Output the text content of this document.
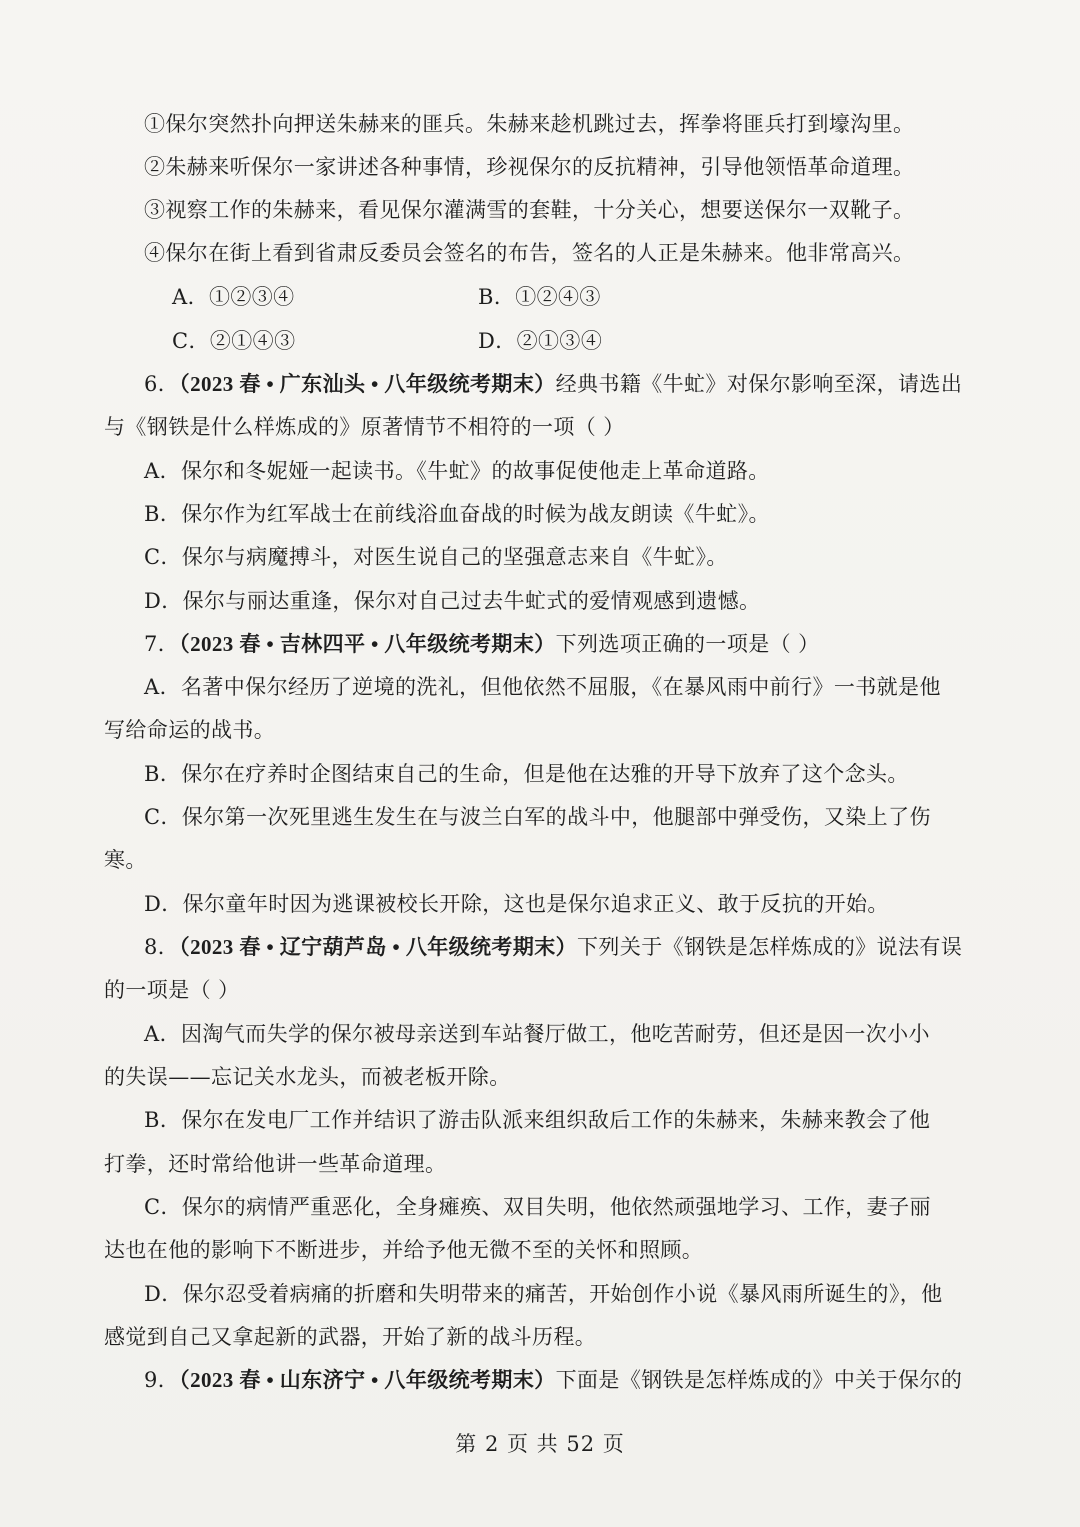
①保尔突然扑向押送朱赫来的匪兵。朱赫来趁机跳过去，挥拳将匪兵打到壕沟里。
②朱赫来听保尔一家讲述各种事情，珍视保尔的反抗精神，引导他领悟革命道理。
③视察工作的朱赫来，看见保尔灌满雪的套鞋，十分关心，想要送保尔一双靴子。
④保尔在街上看到省肃反委员会签名的布告，签名的人正是朱赫来。他非常高兴。
A．①②③④	B．①②④③
C．②①④③	D．②①③④
6．（2023 春 • 广东汕头 • 八年级统考期末）经典书籍《牛虻》对保尔影响至深，请选出
与《钢铁是什么样炼成的》原著情节不相符的一项（ ）
A．保尔和冬妮娅一起读书。《牛虻》的故事促使他走上革命道路。
B．保尔作为红军战士在前线浴血奋战的时候为战友朗读《牛虻》。
C．保尔与病魔搏斗，对医生说自己的坚强意志来自《牛虻》。
D．保尔与丽达重逢，保尔对自己过去牛虻式的爱情观感到遗憾。
7．（2023 春 • 吉林四平 • 八年级统考期末）下列选项正确的一项是（ ）
A．名著中保尔经历了逆境的洗礼，但他依然不屈服，《在暴风雨中前行》一书就是他
写给命运的战书。
B．保尔在疗养时企图结束自己的生命，但是他在达雅的开导下放弃了这个念头。
C．保尔第一次死里逃生发生在与波兰白军的战斗中，他腿部中弹受伤，又染上了伤
寒。
D．保尔童年时因为逃课被校长开除，这也是保尔追求正义、敢于反抗的开始。
8．（2023 春 • 辽宁葫芦岛 • 八年级统考期末）下列关于《钢铁是怎样炼成的》说法有误
的一项是（ ）
A．因淘气而失学的保尔被母亲送到车站餐厅做工，他吃苦耐劳，但还是因一次小小
的失误——忘记关水龙头，而被老板开除。
B．保尔在发电厂工作并结识了游击队派来组织敌后工作的朱赫来，朱赫来教会了他
打拳，还时常给他讲一些革命道理。
C．保尔的病情严重恶化，全身瘫痪、双目失明，他依然顽强地学习、工作，妻子丽
达也在他的影响下不断进步，并给予他无微不至的关怀和照顾。
D．保尔忍受着病痛的折磨和失明带来的痛苦，开始创作小说《暴风雨所诞生的》，他
感觉到自己又拿起新的武器，开始了新的战斗历程。
9．（2023 春 • 山东济宁 • 八年级统考期末）下面是《钢铁是怎样炼成的》中关于保尔的
第 2 页 共 52 页
